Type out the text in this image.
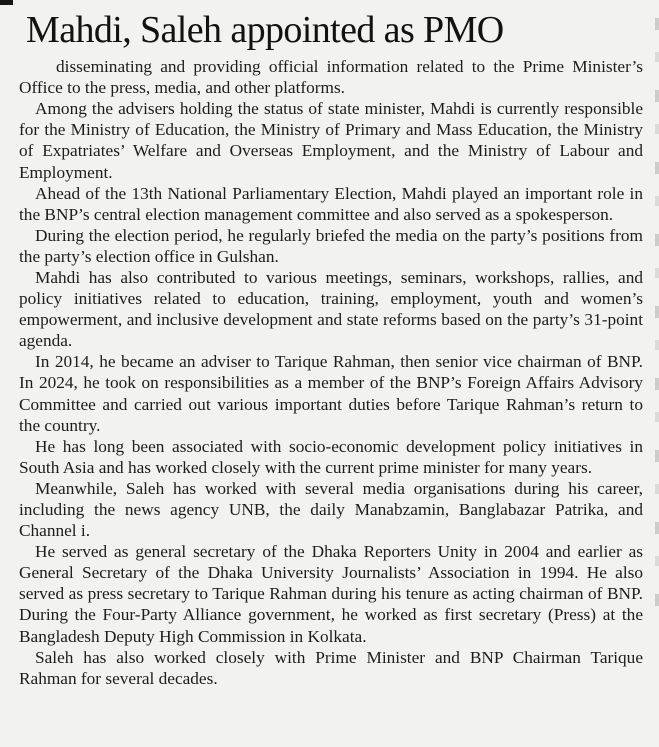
Mahdi, Saleh appointed as PMO

disseminating and providing official information related to the Prime Minister’s Office to the press, media, and other platforms.

Among the advisers holding the status of state minister, Mahdi is currently responsible for the Ministry of Education, the Ministry of Primary and Mass Education, the Ministry of Expatriates’ Welfare and Overseas Employment, and the Ministry of Labour and Employment.

Ahead of the 13th National Parliamentary Election, Mahdi played an important role in the BNP’s central election management committee and also served as a spokesperson.

During the election period, he regularly briefed the media on the party’s positions from the party’s election office in Gulshan.

Mahdi has also contributed to various meetings, seminars, workshops, rallies, and policy initiatives related to education, training, employment, youth and women’s empowerment, and inclusive development and state reforms based on the party’s 31-point agenda.

In 2014, he became an adviser to Tarique Rahman, then senior vice chairman of BNP. In 2024, he took on responsibilities as a member of the BNP’s Foreign Affairs Advisory Committee and carried out various important duties before Tarique Rahman’s return to the country.

He has long been associated with socio-economic development policy initiatives in South Asia and has worked closely with the current prime minister for many years.

Meanwhile, Saleh has worked with several media organisations during his career, including the news agency UNB, the daily Manabzamin, Banglabazar Patrika, and Channel i.

He served as general secretary of the Dhaka Reporters Unity in 2004 and earlier as General Secretary of the Dhaka University Journalists’ Association in 1994. He also served as press secretary to Tarique Rahman during his tenure as acting chairman of BNP. During the Four-Party Alliance government, he worked as first secretary (Press) at the Bangladesh Deputy High Commission in Kolkata.

Saleh has also worked closely with Prime Minister and BNP Chairman Tarique Rahman for several decades.
